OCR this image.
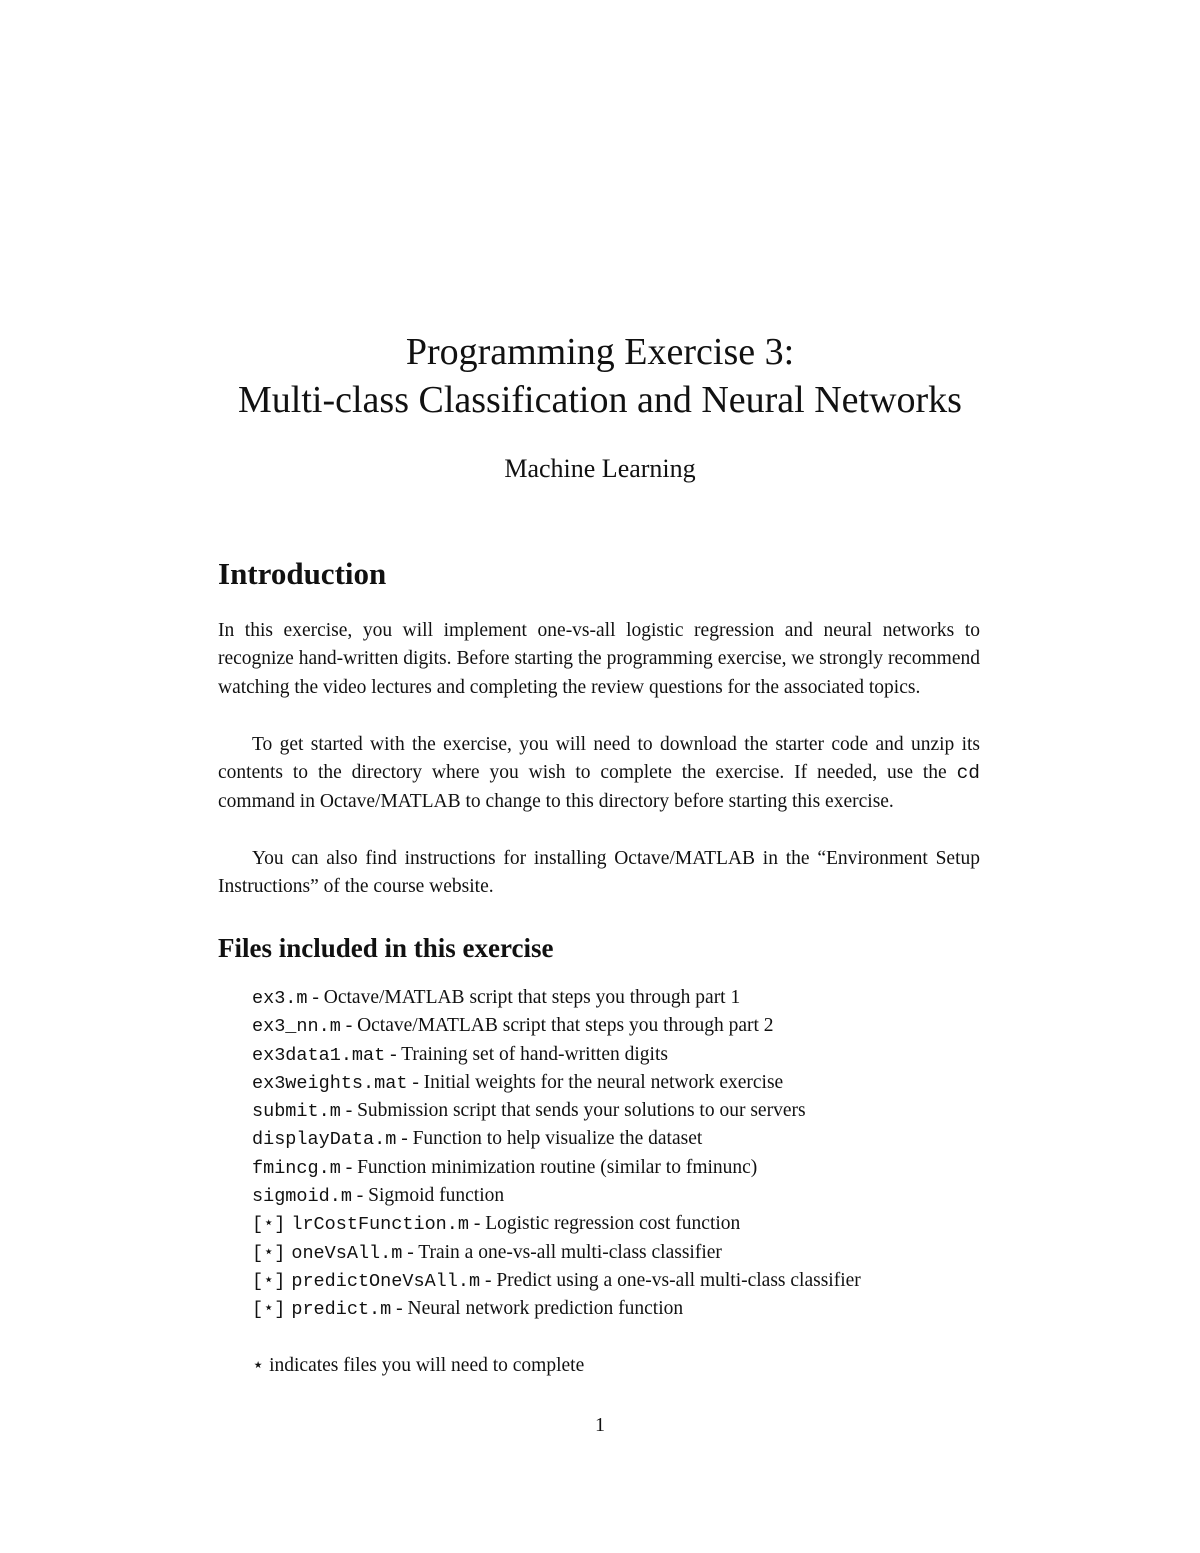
Programming Exercise 3:
Multi-class Classification and Neural Networks
Machine Learning
Introduction

In this exercise, you will implement one-vs-all logistic regression and neural networks to recognize hand-written digits. Before starting the programming exercise, we strongly recommend watching the video lectures and completing the review questions for the associated topics.

To get started with the exercise, you will need to download the starter code and unzip its contents to the directory where you wish to complete the exercise. If needed, use the cd command in Octave/MATLAB to change to this directory before starting this exercise.

You can also find instructions for installing Octave/MATLAB in the “Environment Setup Instructions” of the course website.

Files included in this exercise
ex3.m - Octave/MATLAB script that steps you through part 1
ex3_nn.m - Octave/MATLAB script that steps you through part 2
ex3data1.mat - Training set of hand-written digits
ex3weights.mat - Initial weights for the neural network exercise
submit.m - Submission script that sends your solutions to our servers
displayData.m - Function to help visualize the dataset
fmincg.m - Function minimization routine (similar to fminunc)
sigmoid.m - Sigmoid function
[⋆] lrCostFunction.m - Logistic regression cost function
[⋆] oneVsAll.m - Train a one-vs-all multi-class classifier
[⋆] predictOneVsAll.m - Predict using a one-vs-all multi-class classifier
[⋆] predict.m - Neural network prediction function
⋆ indicates files you will need to complete
1
